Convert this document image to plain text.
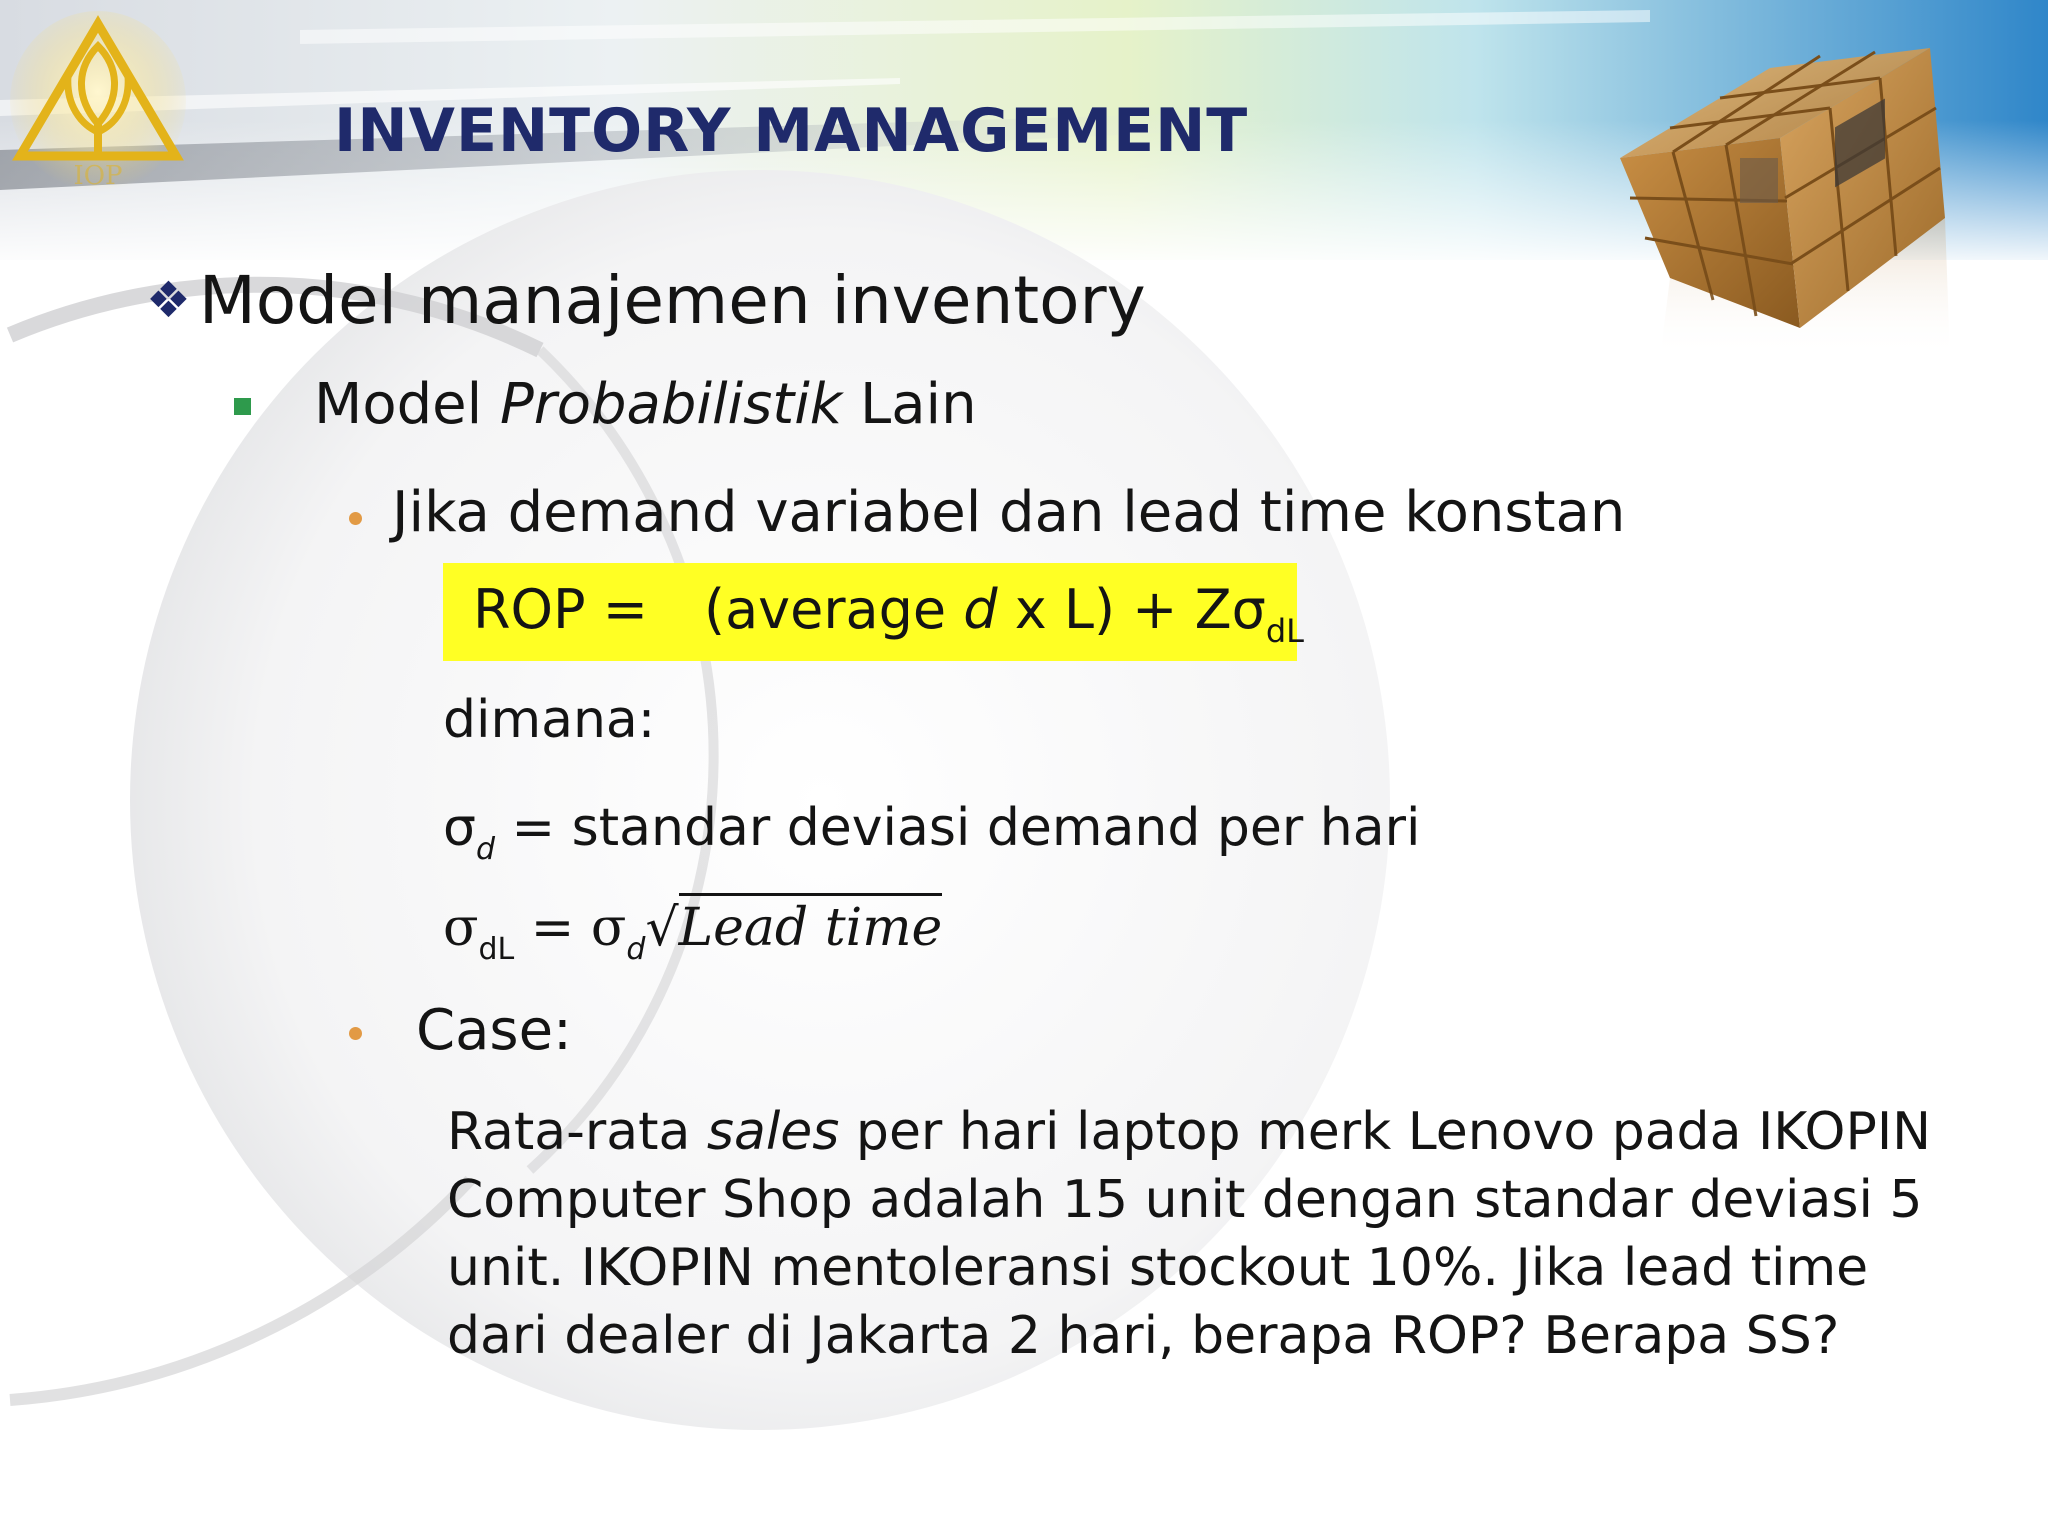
IOP
INVENTORY MANAGEMENT
❖ Model manajemen inventory
Model Probabilistik Lain
Jika demand variabel dan lead time konstan
ROP = (average d x $L) + Z\sigma_{dL}$
dimana:
$\sigma_d$ = standar deviasi demand per hari
$\sigma_{dL}$ = $\sigma_d√Lead$ time
Case:
Rata-rata sales per hari laptop merk Lenovo pada IKOPIN
Computer Shop adalah 15 unit dengan standar deviasi 5
unit. IKOPIN mentoleransi stockout 10%. Jika lead time
dari dealer di Jakarta 2 hari, berapa ROP? Berapa SS?
